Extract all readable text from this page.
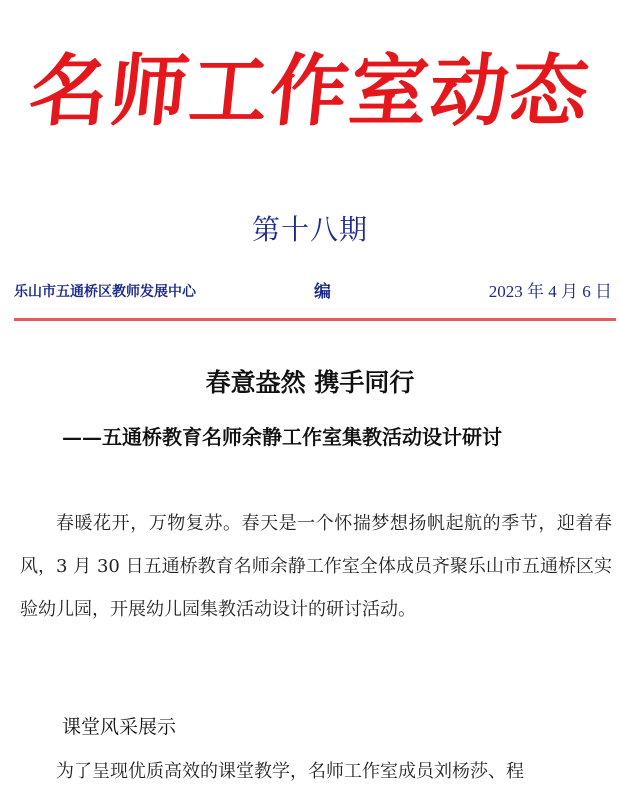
名师工作室动态
第十八期
乐山市五通桥区教师发展中心	编	2023 年 4 月 6 日
春意盎然 携手同行
——五通桥教育名师余静工作室集教活动设计研讨
春暖花开，万物复苏。春天是一个怀揣梦想扬帆起航的季节，迎着春风，3 月 30 日五通桥教育名师余静工作室全体成员齐聚乐山市五通桥区实验幼儿园，开展幼儿园集教活动设计的研讨活动。
课堂风采展示
为了呈现优质高效的课堂教学，名师工作室成员刘杨莎、程
